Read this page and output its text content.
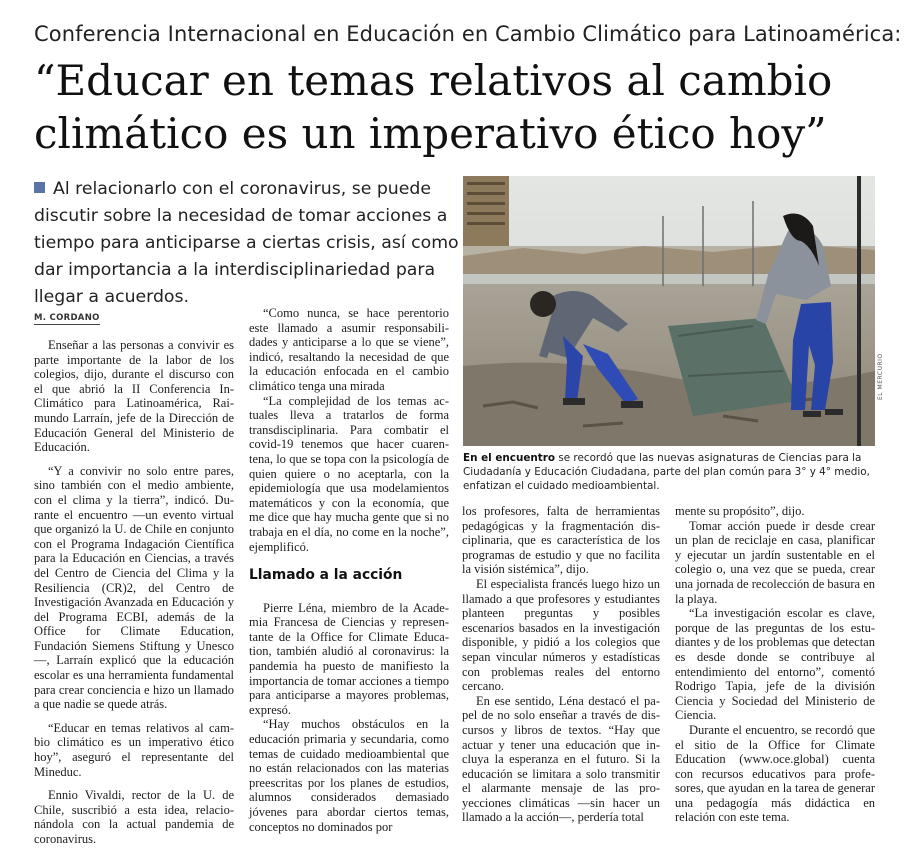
Conferencia Internacional en Educación en Cambio Climático para Latinoamérica:
“Educar en temas relativos al cambio
climático es un imperativo ético hoy”
Al relacionarlo con el coronavirus, se puede
discutir sobre la necesidad de tomar acciones a
tiempo para anticiparse a ciertas crisis, así como
dar importancia a la interdisciplinariedad para
llegar a acuerdos.
M. CORDANO

Enseñar a las personas a convivir es parte importante de la labor de los colegios, dijo, durante el discurso con el que abrió la II Conferencia InClimático para Latinoamérica, Raimundo Larraín, jefe de la Dirección de Educación General del Ministerio de Educación.

“Y a convivir no solo entre pares, sino también con el medio ambiente, con el clima y la tierra”, indicó. Durante el encuentro —un evento virtual que organizó la U. de Chile en conjunto con el Programa Indagación Científica para la Educación en Ciencias, a través del Centro de Ciencia del Clima y la Resiliencia (CR)2, del Centro de Investigación Avanzada en Educación y del Programa ECBI, además de la Office for Climate Education, Fundación Siemens Stiftung y Unesco—, Larraín explicó que la educación escolar es una herramienta fundamental para crear conciencia e hizo un llamado a que nadie se quede atrás.

“Educar en temas relativos al cambio climático es un imperativo ético hoy”, aseguró el representante del Mineduc.

Ennio Vivaldi, rector de la U. de Chile, suscribió a esta idea, relacionándola con la actual pandemia de coronavirus.

“Como nunca, se hace perentorio este llamado a asumir responsabilidades y anticiparse a lo que se viene”, indicó, resaltando la necesidad de que la educación enfocada en el cambio climático tenga una mirada

“La complejidad de los temas actuales lleva a tratarlos de forma transdisciplinaria. Para combatir el covid-19 tenemos que hacer cuarentena, lo que se topa con la psicología de quien quiere o no aceptarla, con la epidemiología que usa modelamientos matemáticos y con la economía, que me dice que hay mucha gente que si no trabaja en el día, no come en la noche”, ejemplificó.

Llamado a la acción

Pierre Léna, miembro de la Academia Francesa de Ciencias y representante de la Office for Climate Education, también aludió al coronavirus: la pandemia ha puesto de manifiesto la importancia de tomar acciones a tiempo para anticiparse a mayores problemas, expresó.

“Hay muchos obstáculos en la educación primaria y secundaria, como temas de cuidado medioambiental que no están relacionados con las materias preescritas por los planes de estudios, alumnos considerados demasiado jóvenes para abordar ciertos temas, conceptos no dominados por

EL MERCURIO
En el encuentro se recordó que las nuevas asignaturas de Ciencias para la Ciudadanía y Educación Ciudadana, parte del plan común para 3° y 4° medio, enfatizan el cuidado medioambiental.

los profesores, falta de herramientas pedagógicas y la fragmentación disciplinaria, que es característica de los programas de estudio y que no facilita la visión sistémica”, dijo.

El especialista francés luego hizo un llamado a que profesores y estudiantes planteen preguntas y posibles escenarios basados en la investigación disponible, y pidió a los colegios que sepan vincular números y estadísticas con problemas reales del entorno cercano.

En ese sentido, Léna destacó el papel de no solo enseñar a través de discursos y libros de textos. “Hay que actuar y tener una educación que incluya la esperanza en el futuro. Si la educación se limitara a solo transmitir el alarmante mensaje de las proyecciones climáticas —sin hacer un llamado a la acción—, perdería total

mente su propósito”, dijo.

Tomar acción puede ir desde crear un plan de reciclaje en casa, planificar y ejecutar un jardín sustentable en el colegio o, una vez que se pueda, crear una jornada de recolección de basura en la playa.

“La investigación escolar es clave, porque de las preguntas de los estudiantes y de los problemas que detectan es desde donde se contribuye al entendimiento del entorno”, comentó Rodrigo Tapia, jefe de la división Ciencia y Sociedad del Ministerio de Ciencia.

Durante el encuentro, se recordó que el sitio de la Office for Climate Education (www.oce.global) cuenta con recursos educativos para profesores, que ayudan en la tarea de generar una pedagogía más didáctica en relación con este tema.
